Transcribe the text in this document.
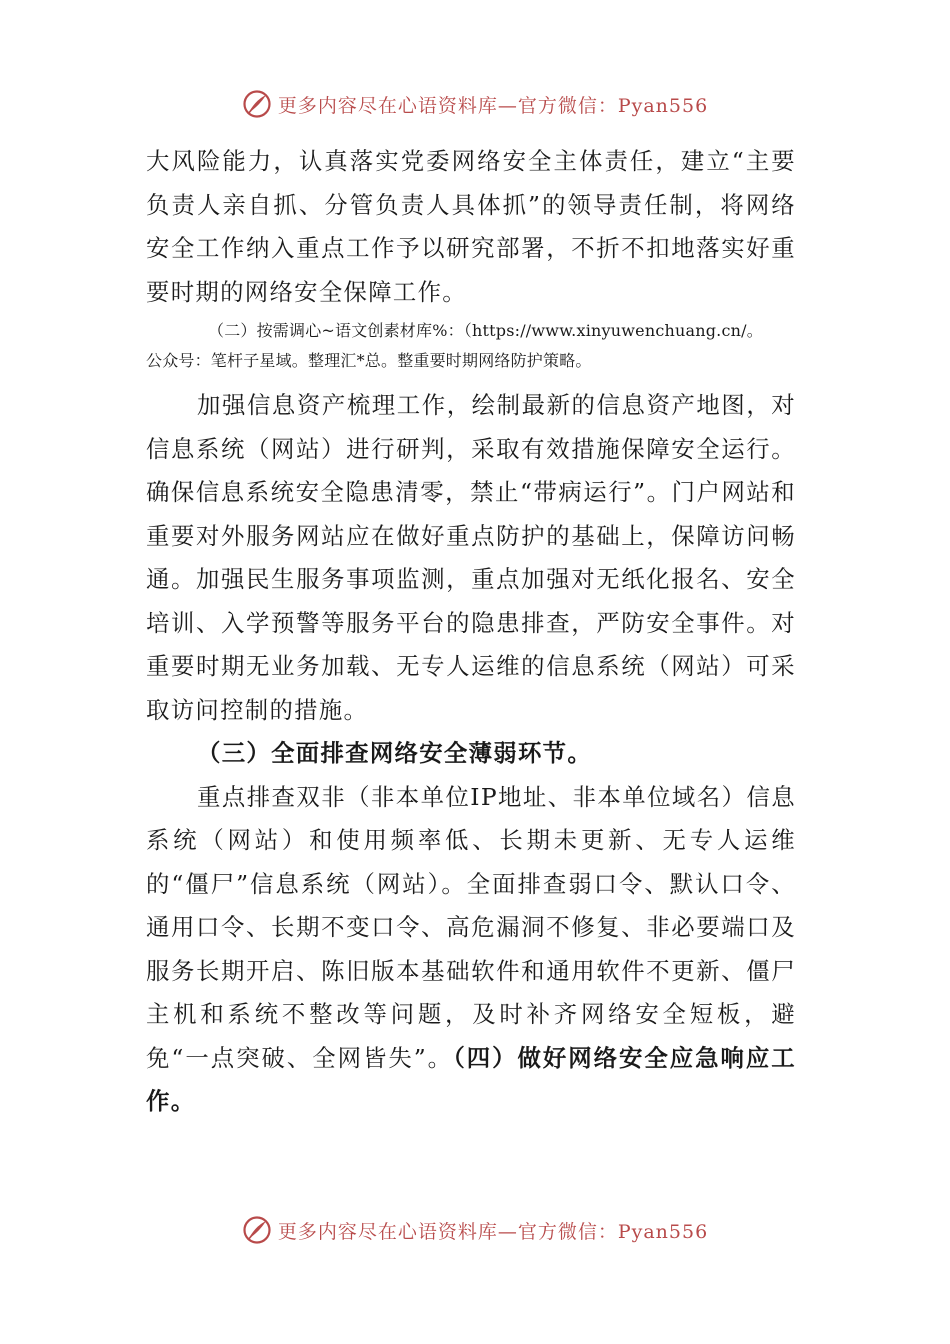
更多内容尽在心语资料库—官方微信：Pyan556

大风险能力，认真落实党委网络安全主体责任，建立“主要负责人亲自抓、分管负责人具体抓”的领导责任制，将网络安全工作纳入重点工作予以研究部署，不折不扣地落实好重要时期的网络安全保障工作。

（二）按需调心~语文创素材库%：（https://www.xinyuwenchuang.cn/。

公众号：笔杆子星域。整理汇*总。整重要时期网络防护策略。

加强信息资产梳理工作，绘制最新的信息资产地图，对信息系统（网站）进行研判，采取有效措施保障安全运行。确保信息系统安全隐患清零，禁止“带病运行”。门户网站和重要对外服务网站应在做好重点防护的基础上，保障访问畅通。加强民生服务事项监测，重点加强对无纸化报名、安全培训、入学预警等服务平台的隐患排查，严防安全事件。对重要时期无业务加载、无专人运维的信息系统（网站）可采取访问控制的措施。

（三）全面排查网络安全薄弱环节。

重点排查双非（非本单位IP地址、非本单位域名）信息系统（网站）和使用频率低、长期未更新、无专人运维的“僵尸”信息系统（网站）。全面排查弱口令、默认口令、通用口令、长期不变口令、高危漏洞不修复、非必要端口及服务长期开启、陈旧版本基础软件和通用软件不更新、僵尸主机和系统不整改等问题，及时补齐网络安全短板，避免“一点突破、全网皆失”。（四）做好网络安全应急响应工作。

更多内容尽在心语资料库—官方微信：Pyan556
